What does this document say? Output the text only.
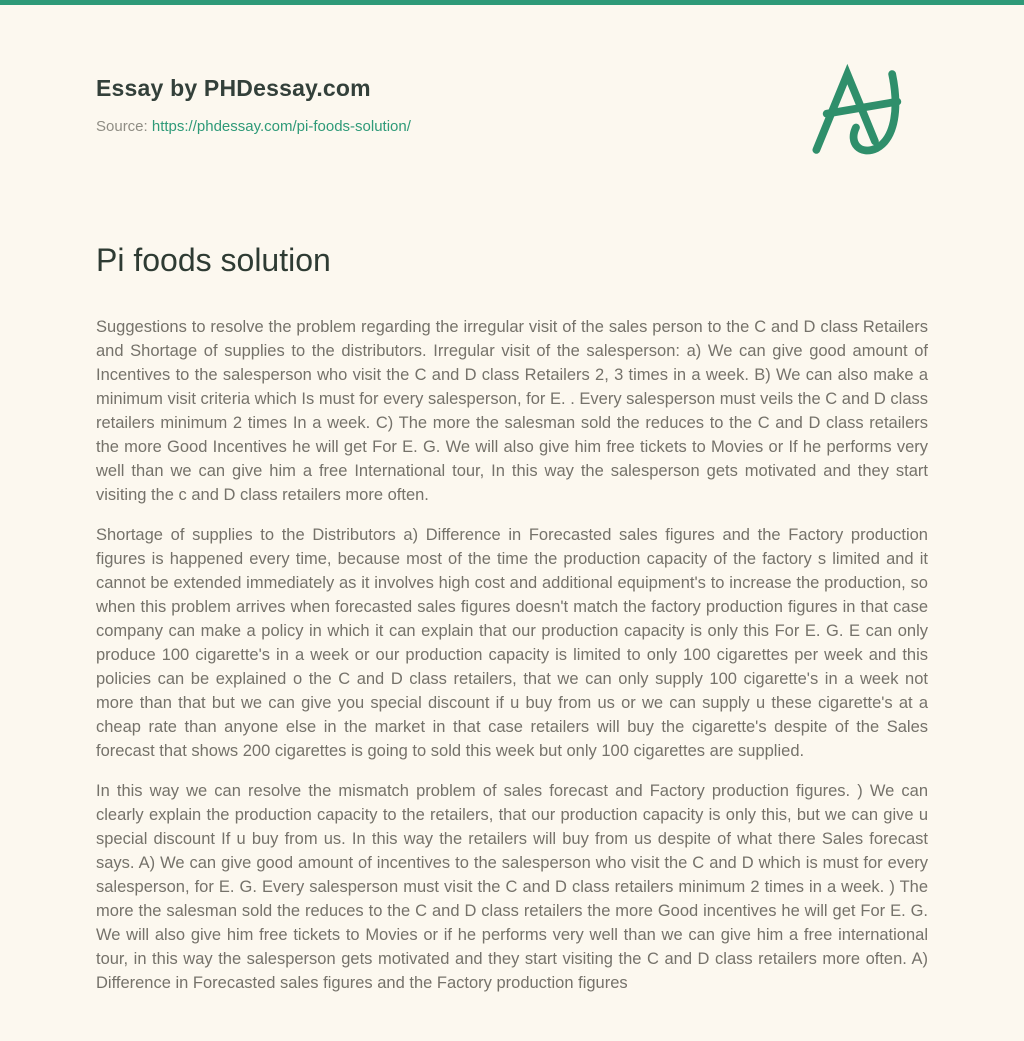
Essay by PHDessay.com
Source: https://phdessay.com/pi-foods-solution/
Pi foods solution

Suggestions to resolve the problem regarding the irregular visit of the sales person to the C and D class Retailers and Shortage of supplies to the distributors. Irregular visit of the salesperson: a) We can give good amount of Incentives to the salesperson who visit the C and D class Retailers 2, 3 times in a week. B) We can also make a minimum visit criteria which Is must for every salesperson, for E. . Every salesperson must veils the C and D class retailers minimum 2 times In a week. C) The more the salesman sold the reduces to the C and D class retailers the more Good Incentives he will get For E. G. We will also give him free tickets to Movies or If he performs very well than we can give him a free International tour, In this way the salesperson gets motivated and they start visiting the c and D class retailers more often.

Shortage of supplies to the Distributors a) Difference in Forecasted sales figures and the Factory production figures is happened every time, because most of the time the production capacity of the factory s limited and it cannot be extended immediately as it involves high cost and additional equipment's to increase the production, so when this problem arrives when forecasted sales figures doesn't match the factory production figures in that case company can make a policy in which it can explain that our production capacity is only this For E. G. E can only produce 100 cigarette's in a week or our production capacity is limited to only 100 cigarettes per week and this policies can be explained o the C and D class retailers, that we can only supply 100 cigarette's in a week not more than that but we can give you special discount if u buy from us or we can supply u these cigarette's at a cheap rate than anyone else in the market in that case retailers will buy the cigarette's despite of the Sales forecast that shows 200 cigarettes is going to sold this week but only 100 cigarettes are supplied.

In this way we can resolve the mismatch problem of sales forecast and Factory production figures. ) We can clearly explain the production capacity to the retailers, that our production capacity is only this, but we can give u special discount If u buy from us. In this way the retailers will buy from us despite of what there Sales forecast says. A) We can give good amount of incentives to the salesperson who visit the C and D which is must for every salesperson, for E. G. Every salesperson must visit the C and D class retailers minimum 2 times in a week. ) The more the salesman sold the reduces to the C and D class retailers the more Good incentives he will get For E. G. We will also give him free tickets to Movies or if he performs very well than we can give him a free international tour, in this way the salesperson gets motivated and they start visiting the C and D class retailers more often. A) Difference in Forecasted sales figures and the Factory production figures
